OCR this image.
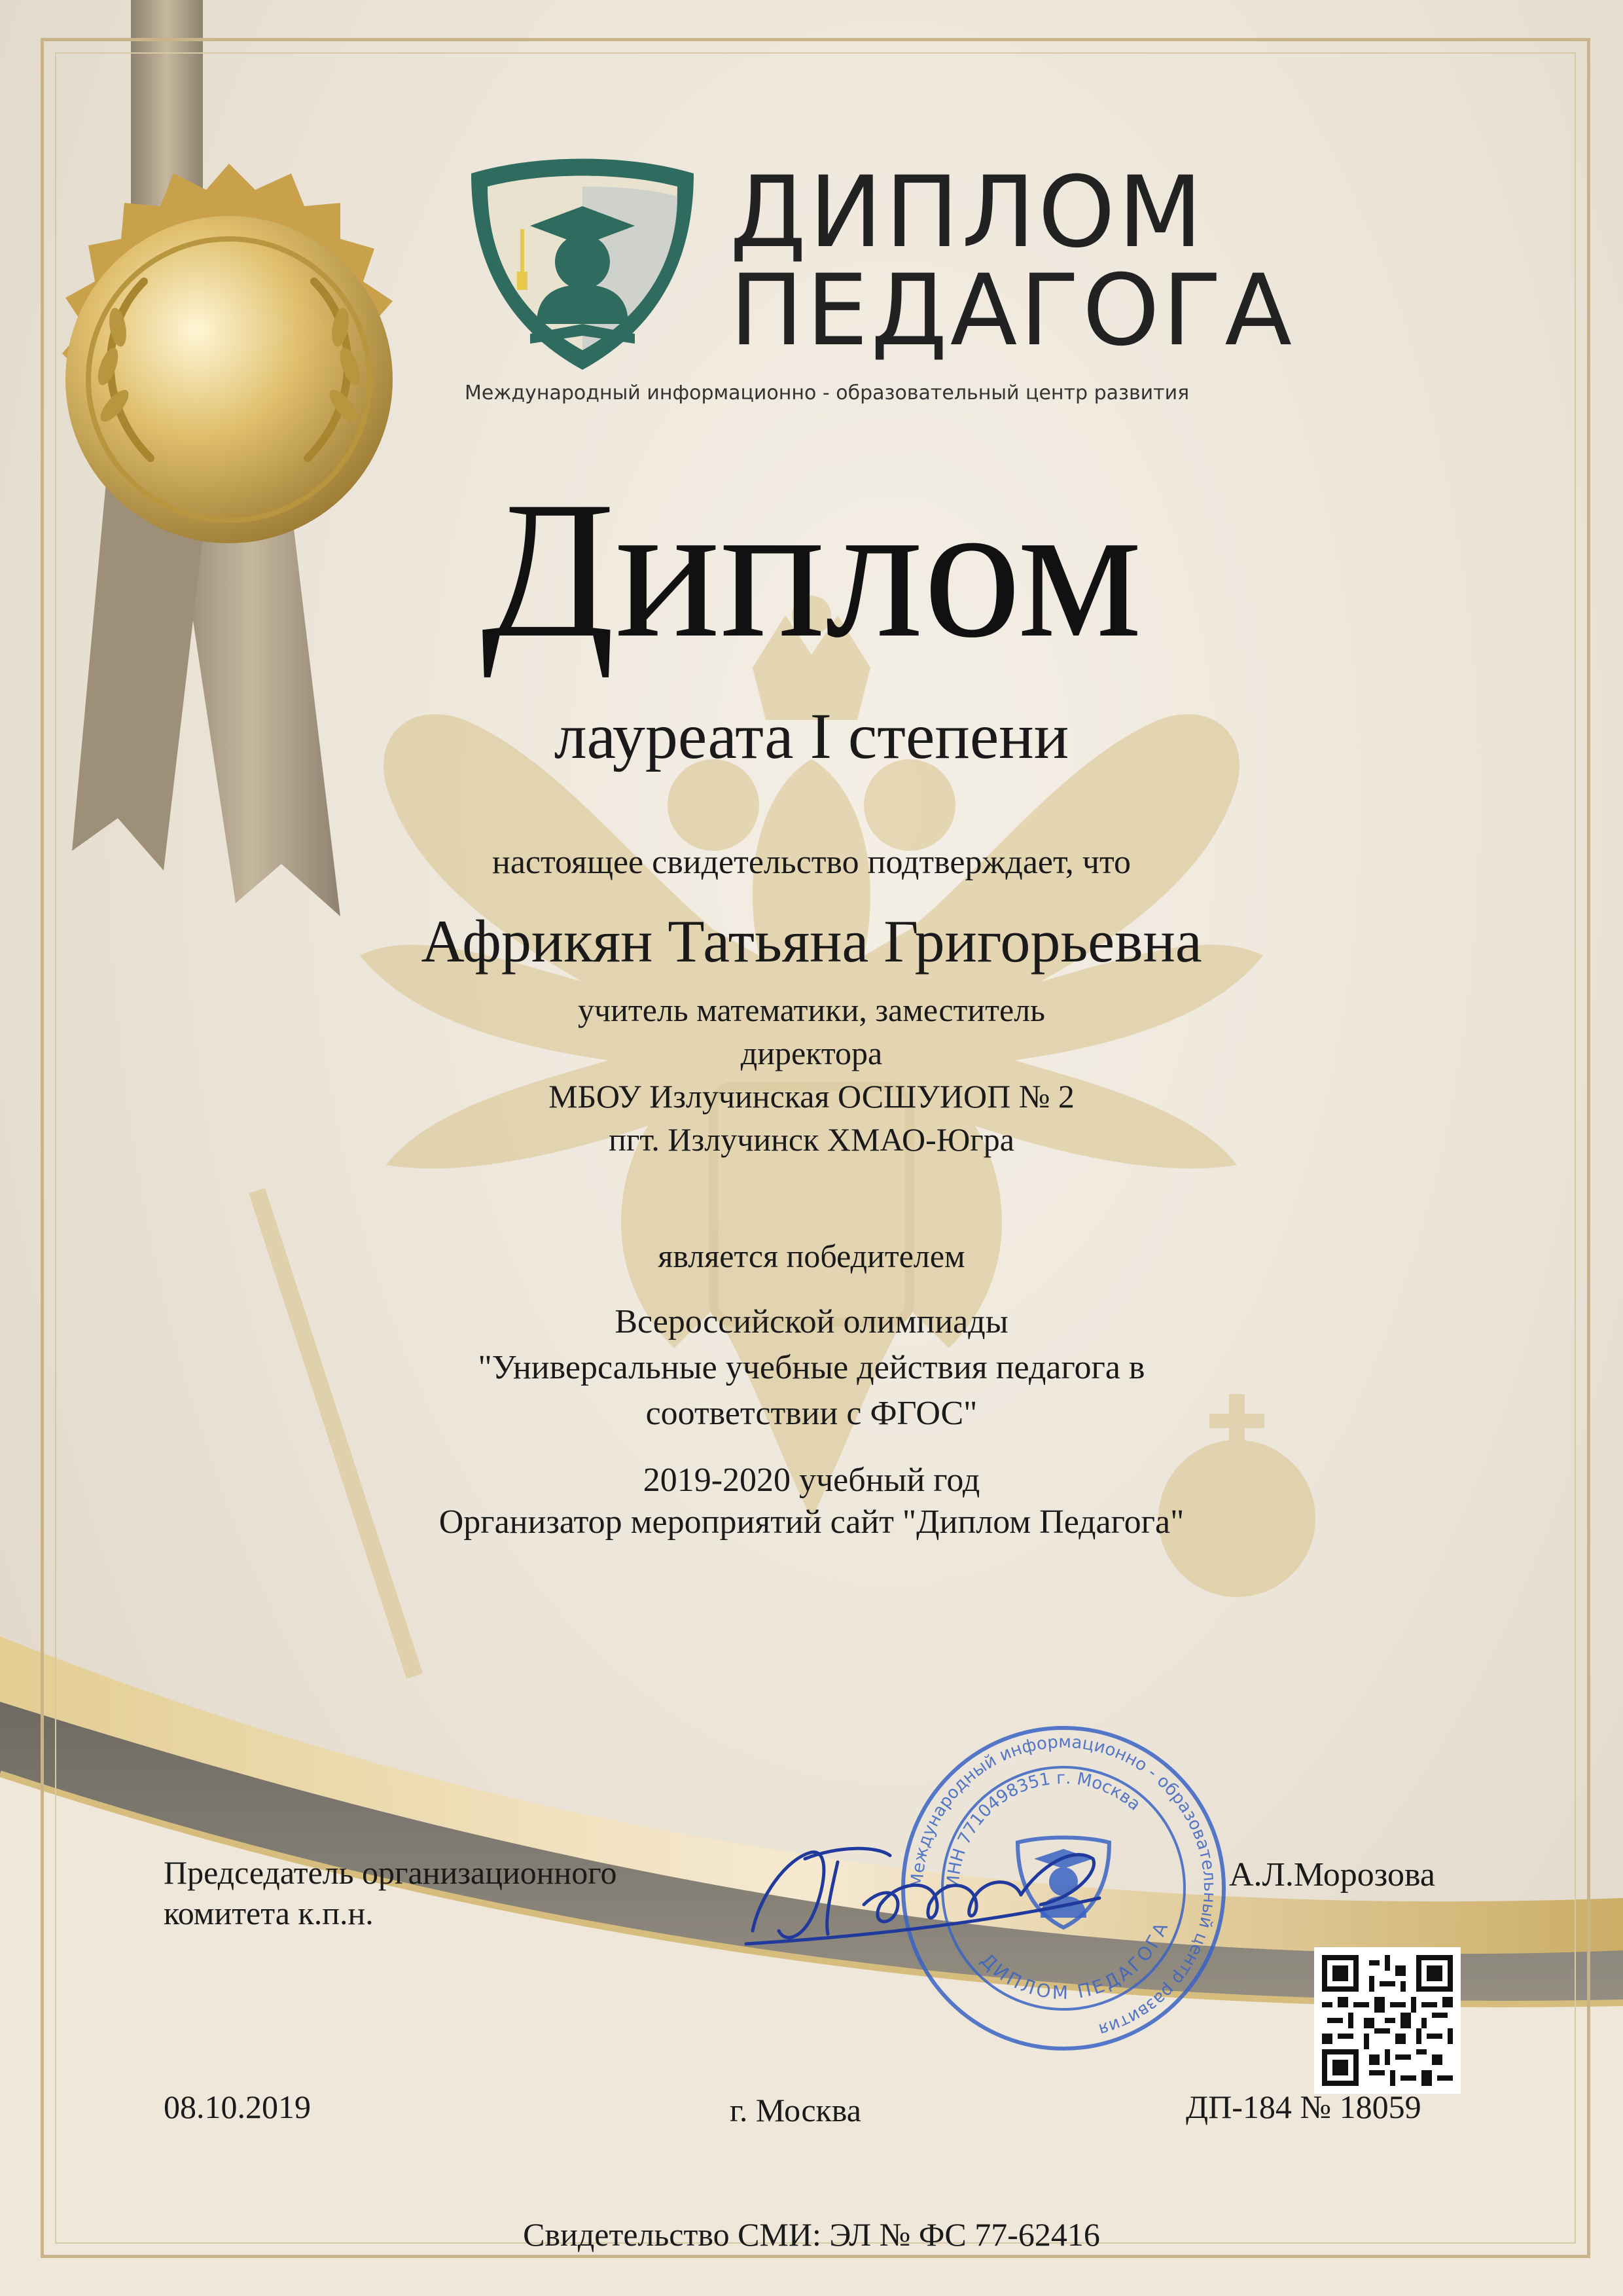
ДИПЛОМ
ПЕДАГОГА
Международный информационно - образовательный центр развития
Диплом
лауреата I степени
настоящее свидетельство подтверждает, что
Африкян Татьяна Григорьевна
учитель математики, заместитель
директора
МБОУ Излучинская ОСШУИОП № 2
пгт. Излучинск ХМАО-Югра
является победителем
Всероссийской олимпиады
"Универсальные учебные действия педагога в
соответствии с ФГОС"
2019-2020 учебный год
Организатор мероприятий сайт "Диплом Педагога"
Председатель организационного
комитета к.п.н.
Международный информационно - образовательный центр развития
ИНН 7710498351 г. Москва
ДИПЛОМ ПЕДАГОГА
А.Л.Морозова
08.10.2019	г. Москва	ДП-184 № 18059
Свидетельство СМИ: ЭЛ № ФС 77-62416
